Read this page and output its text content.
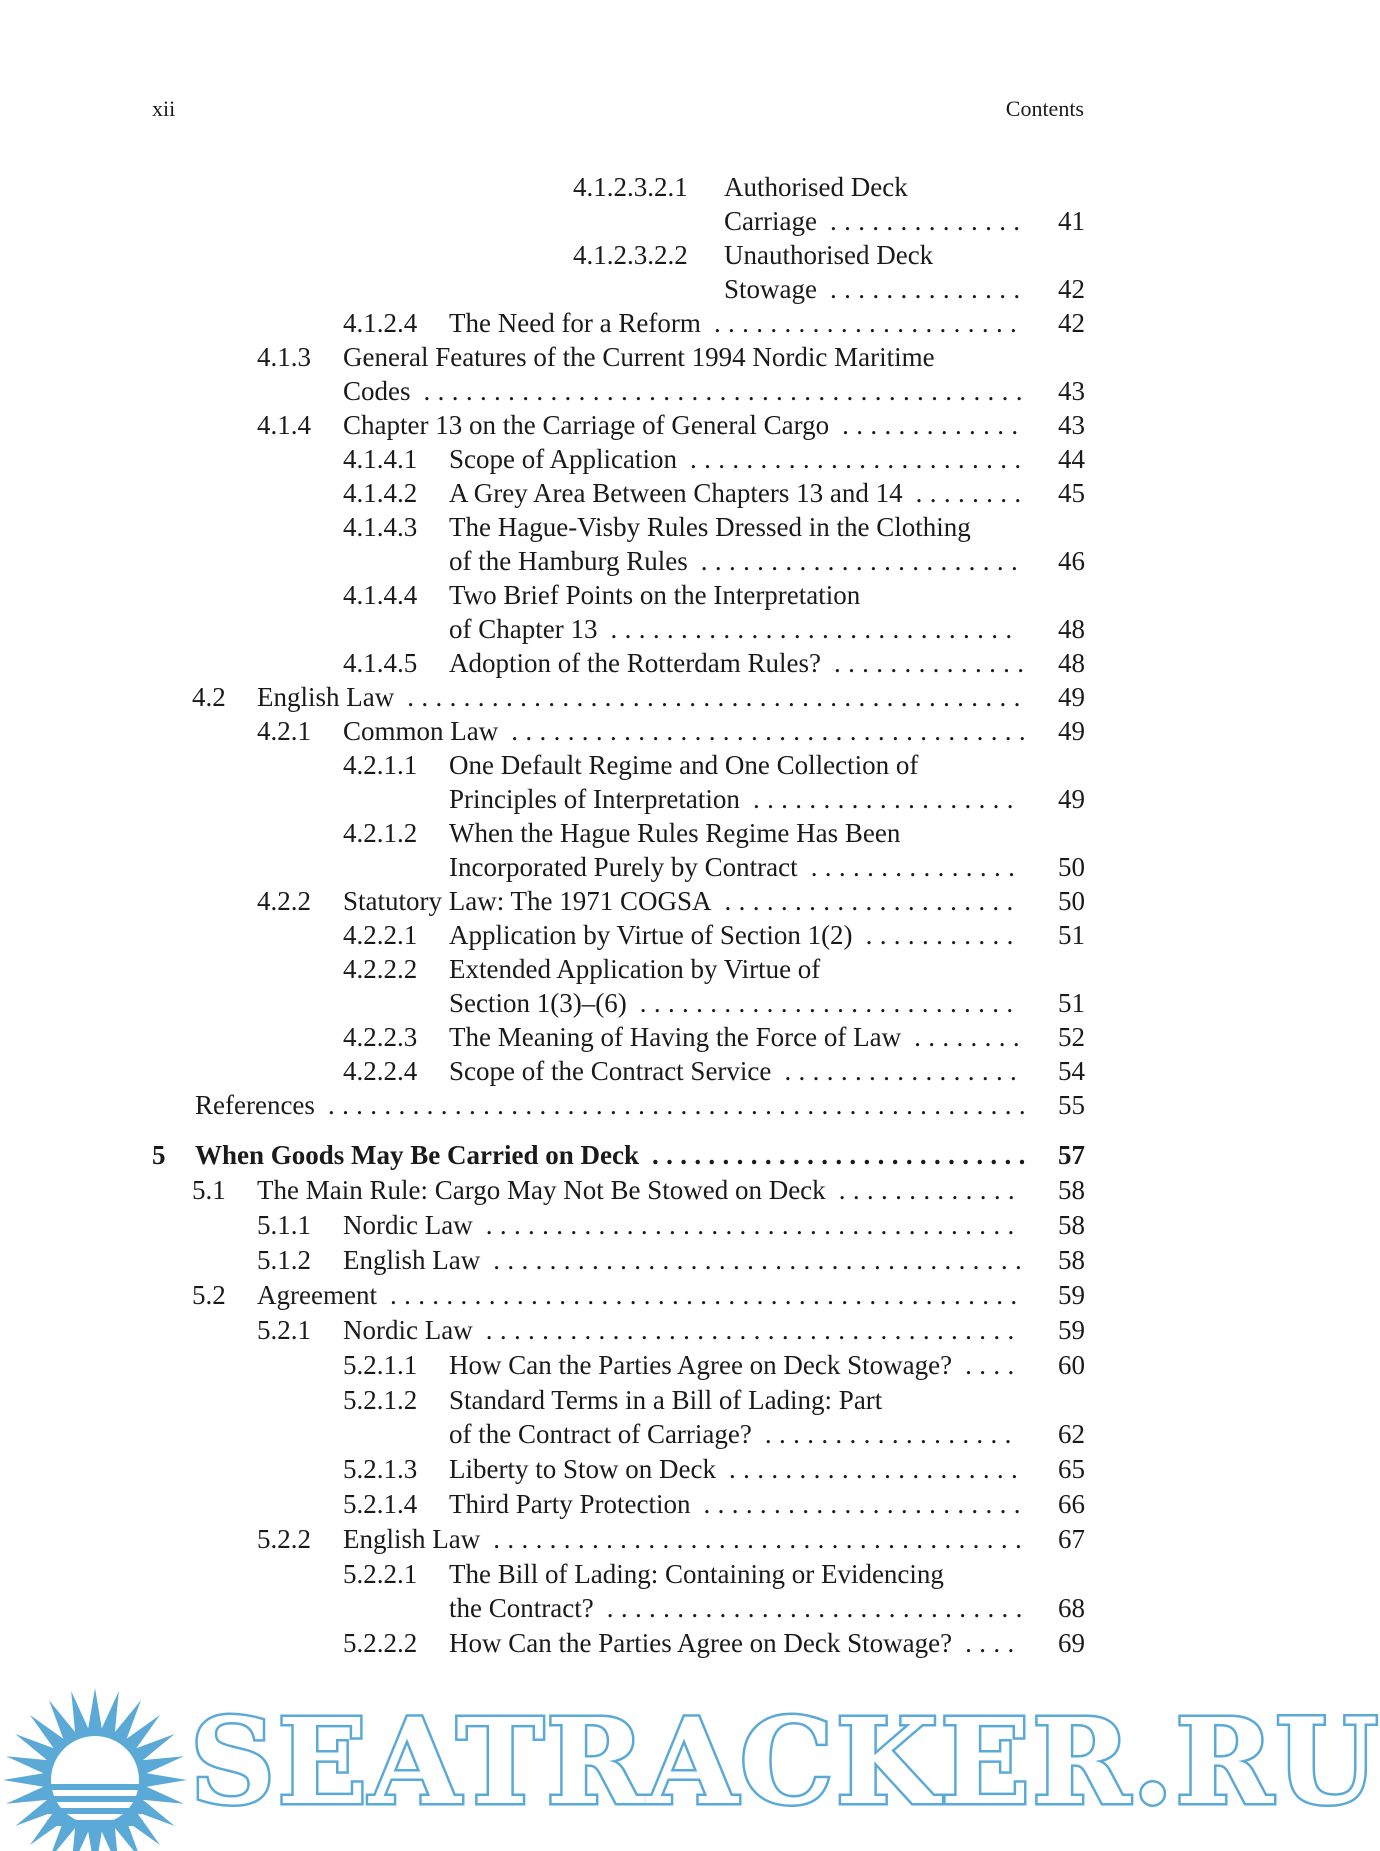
xii	Contents
4.1.2.3.2.1 Authorised Deck
Carriage	41
. . . . . . . . . . . . . .
4.1.2.3.2.2 Unauthorised Deck
Stowage	42
. . . . . . . . . . . . . .
4.1.2.4 The Need for a Reform	42
. . . . . . . . . . . . . . . . . . . . . .
4.1.3 General Features of the Current 1994 Nordic Maritime
Codes	43
. . . . . . . . . . . . . . . . . . . . . . . . . . . . . . . . . . . . . . . . . . .
4.1.4 Chapter 13 on the Carriage of General Cargo	43
. . . . . . . . . . . . .
4.1.4.1 Scope of Application	44
. . . . . . . . . . . . . . . . . . . . . . . .
4.1.4.2 A Grey Area Between Chapters 13 and 14	45
. . . . . . . .
4.1.4.3 The Hague-Visby Rules Dressed in the Clothing
of the Hamburg Rules	46
. . . . . . . . . . . . . . . . . . . . . . .
4.1.4.4 Two Brief Points on the Interpretation
of Chapter 13	48
. . . . . . . . . . . . . . . . . . . . . . . . . . . . .
4.1.4.5 Adoption of the Rotterdam Rules?	48
. . . . . . . . . . . . . .
4.2 English Law	49
. . . . . . . . . . . . . . . . . . . . . . . . . . . . . . . . . . . . . . . . . . . .
4.2.1 Common Law	49
. . . . . . . . . . . . . . . . . . . . . . . . . . . . . . . . . . . . .
4.2.1.1 One Default Regime and One Collection of
Principles of Interpretation	49
. . . . . . . . . . . . . . . . . . .
4.2.1.2 When the Hague Rules Regime Has Been
Incorporated Purely by Contract	50
. . . . . . . . . . . . . . .
4.2.2 Statutory Law: The 1971 COGSA	50
. . . . . . . . . . . . . . . . . . . . .
4.2.2.1 Application by Virtue of Section 1(2)	51
. . . . . . . . . . .
4.2.2.2 Extended Application by Virtue of
Section 1(3)–(6)	51
. . . . . . . . . . . . . . . . . . . . . . . . . . .
4.2.2.3 The Meaning of Having the Force of Law	52
. . . . . . . .
4.2.2.4 Scope of the Contract Service	54
. . . . . . . . . . . . . . . . .
References	55
. . . . . . . . . . . . . . . . . . . . . . . . . . . . . . . . . . . . . . . . . . . . . . . . . .
5 When Goods May Be Carried on Deck	57
. . . . . . . . . . . . . . . . . . . . . . . . . . .
5.1 The Main Rule: Cargo May Not Be Stowed on Deck	58
. . . . . . . . . . . . .
5.1.1 Nordic Law	58
. . . . . . . . . . . . . . . . . . . . . . . . . . . . . . . . . . . . . .
5.1.2 English Law	58
. . . . . . . . . . . . . . . . . . . . . . . . . . . . . . . . . . . . . .
5.2 Agreement	59
. . . . . . . . . . . . . . . . . . . . . . . . . . . . . . . . . . . . . . . . . . . . .
5.2.1 Nordic Law	59
. . . . . . . . . . . . . . . . . . . . . . . . . . . . . . . . . . . . . .
5.2.1.1 How Can the Parties Agree on Deck Stowage?	60
. . . .
5.2.1.2 Standard Terms in a Bill of Lading: Part
of the Contract of Carriage?	62
. . . . . . . . . . . . . . . . . .
5.2.1.3 Liberty to Stow on Deck	65
. . . . . . . . . . . . . . . . . . . . .
5.2.1.4 Third Party Protection	66
. . . . . . . . . . . . . . . . . . . . . . .
5.2.2 English Law	67
. . . . . . . . . . . . . . . . . . . . . . . . . . . . . . . . . . . . . .
5.2.2.1 The Bill of Lading: Containing or Evidencing
the Contract?	68
. . . . . . . . . . . . . . . . . . . . . . . . . . . . . .
5.2.2.2 How Can the Parties Agree on Deck Stowage?	69
. . . .
SEATRACKER.RU
